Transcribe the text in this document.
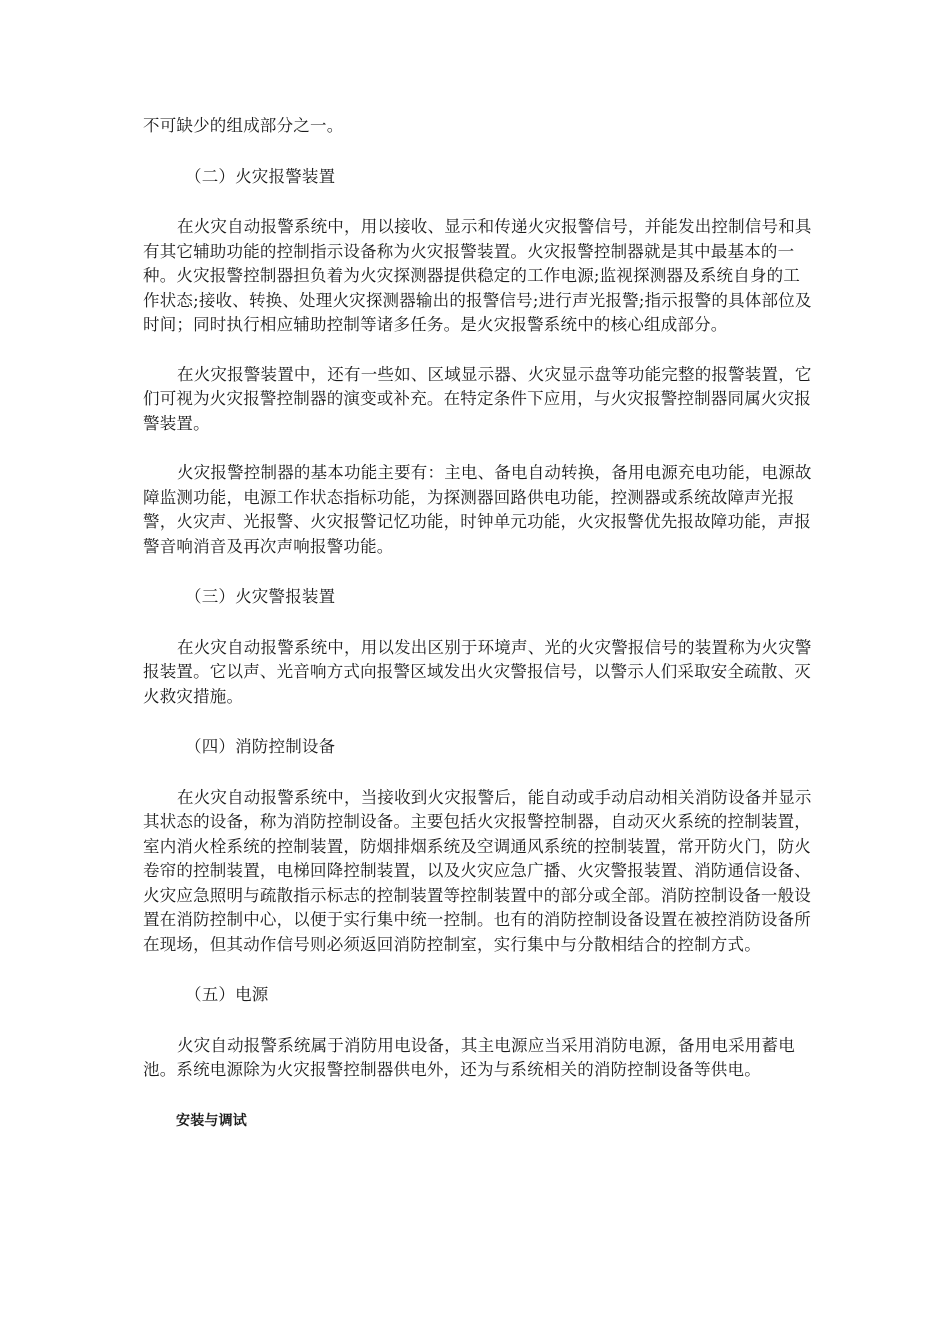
不可缺少的组成部分之一。
（二）火灾报警装置
在火灾自动报警系统中，用以接收、显示和传递火灾报警信号，并能发出控制信号和具有其它辅助功能的控制指示设备称为火灾报警装置。火灾报警控制器就是其中最基本的一种。火灾报警控制器担负着为火灾探测器提供稳定的工作电源;监视探测器及系统自身的工作状态;接收、转换、处理火灾探测器输出的报警信号;进行声光报警;指示报警的具体部位及时间；同时执行相应辅助控制等诸多任务。是火灾报警系统中的核心组成部分。
在火灾报警装置中，还有一些如、区域显示器、火灾显示盘等功能完整的报警装置，它们可视为火灾报警控制器的演变或补充。在特定条件下应用，与火灾报警控制器同属火灾报警装置。
火灾报警控制器的基本功能主要有：主电、备电自动转换，备用电源充电功能，电源故障监测功能，电源工作状态指标功能，为探测器回路供电功能，控测器或系统故障声光报警，火灾声、光报警、火灾报警记忆功能，时钟单元功能，火灾报警优先报故障功能，声报警音响消音及再次声响报警功能。
（三）火灾警报装置
在火灾自动报警系统中，用以发出区别于环境声、光的火灾警报信号的装置称为火灾警报装置。它以声、光音响方式向报警区域发出火灾警报信号，以警示人们采取安全疏散、灭火救灾措施。
（四）消防控制设备
在火灾自动报警系统中，当接收到火灾报警后，能自动或手动启动相关消防设备并显示其状态的设备，称为消防控制设备。主要包括火灾报警控制器，自动灭火系统的控制装置，室内消火栓系统的控制装置，防烟排烟系统及空调通风系统的控制装置，常开防火门，防火卷帘的控制装置，电梯回降控制装置，以及火灾应急广播、火灾警报装置、消防通信设备、火灾应急照明与疏散指示标志的控制装置等控制装置中的部分或全部。消防控制设备一般设置在消防控制中心，以便于实行集中统一控制。也有的消防控制设备设置在被控消防设备所在现场，但其动作信号则必须返回消防控制室，实行集中与分散相结合的控制方式。
（五）电源
火灾自动报警系统属于消防用电设备，其主电源应当采用消防电源，备用电采用蓄电池。系统电源除为火灾报警控制器供电外，还为与系统相关的消防控制设备等供电。
安装与调试
